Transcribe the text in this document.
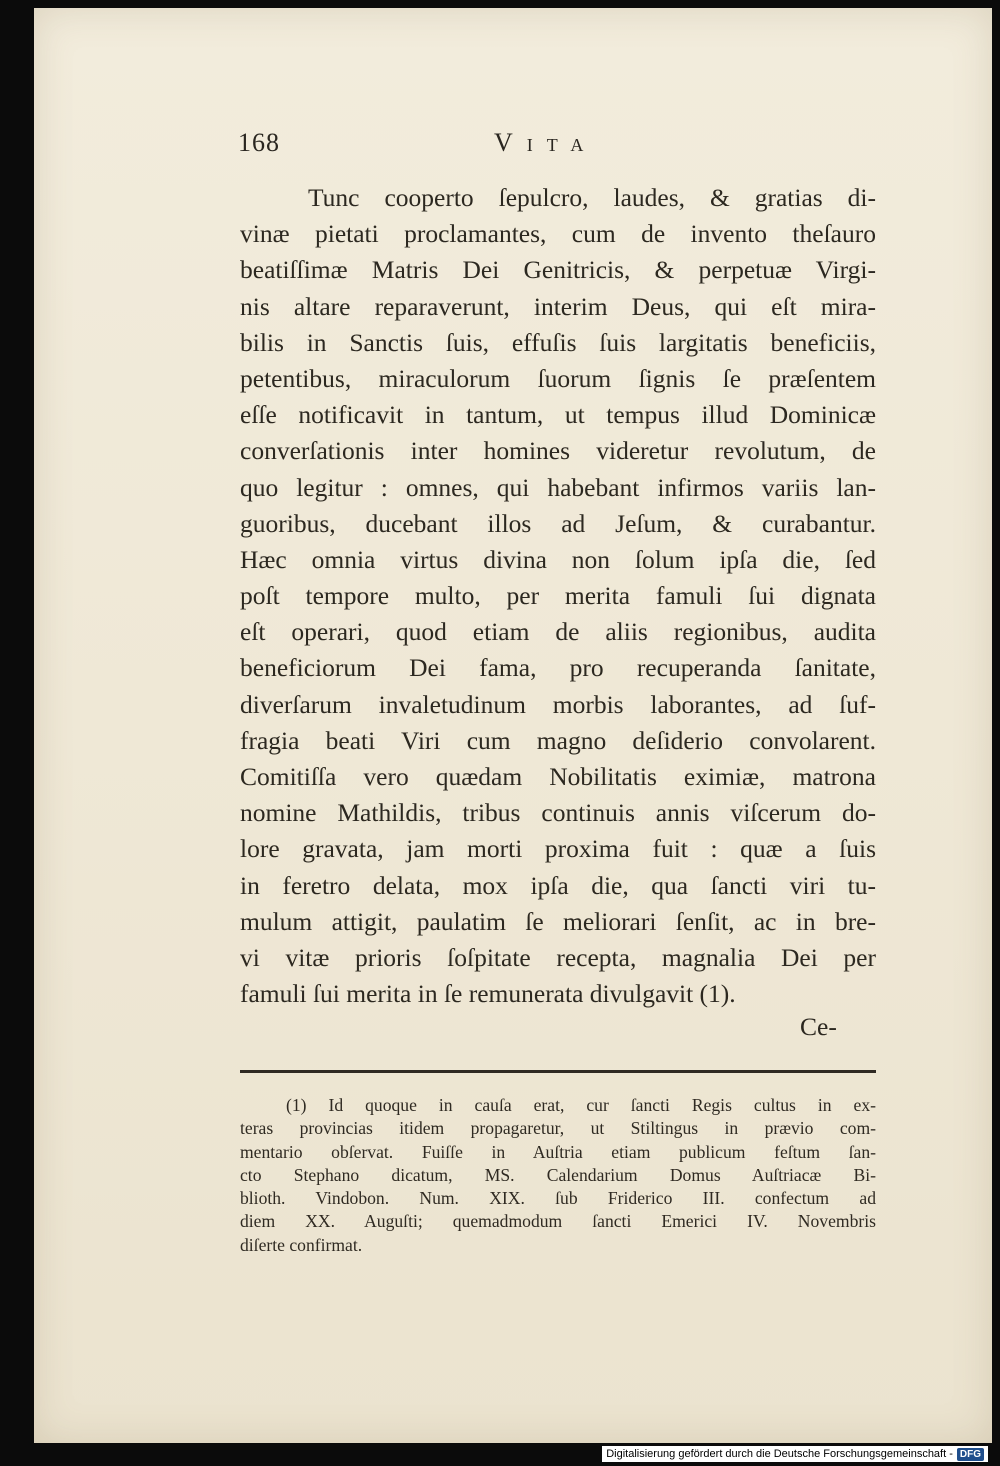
168	Vita
Tunc cooperto ſepulcro, laudes, & gratias di-
vinæ pietati proclamantes, cum de invento theſauro
beatiſſimæ Matris Dei Genitricis, & perpetuæ Virgi-
nis altare reparaverunt, interim Deus, qui eſt mira-
bilis in Sanctis ſuis, effuſis ſuis largitatis beneficiis,
petentibus, miraculorum ſuorum ſignis ſe præſentem
eſſe notificavit in tantum, ut tempus illud Dominicæ
converſationis inter homines videretur revolutum, de
quo legitur : omnes, qui habebant infirmos variis lan-
guoribus, ducebant illos ad Jeſum, & curabantur.
Hæc omnia virtus divina non ſolum ipſa die, ſed
poſt tempore multo, per merita famuli ſui dignata
eſt operari, quod etiam de aliis regionibus, audita
beneficiorum Dei fama, pro recuperanda ſanitate,
diverſarum invaletudinum morbis laborantes, ad ſuf-
fragia beati Viri cum magno deſiderio convolarent.
Comitiſſa vero quædam Nobilitatis eximiæ, matrona
nomine Mathildis, tribus continuis annis viſcerum do-
lore gravata, jam morti proxima fuit : quæ a ſuis
in feretro delata, mox ipſa die, qua ſancti viri tu-
mulum attigit, paulatim ſe meliorari ſenſit, ac in bre-
vi vitæ prioris ſoſpitate recepta, magnalia Dei per
famuli ſui merita in ſe remunerata divulgavit (1).
Ce-
(1) Id quoque in cauſa erat, cur ſancti Regis cultus in ex-
teras provincias itidem propagaretur, ut Stiltingus in prævio com-
mentario obſervat. Fuiſſe in Auſtria etiam publicum feſtum ſan-
cto Stephano dicatum, MS. Calendarium Domus Auſtriacæ Bi-
blioth. Vindobon. Num. XIX. ſub Friderico III. confectum ad
diem XX. Auguſti; quemadmodum ſancti Emerici IV. Novembris
diſerte confirmat.
Digitalisierung gefördert durch die Deutsche Forschungsgemeinschaft - DFG
